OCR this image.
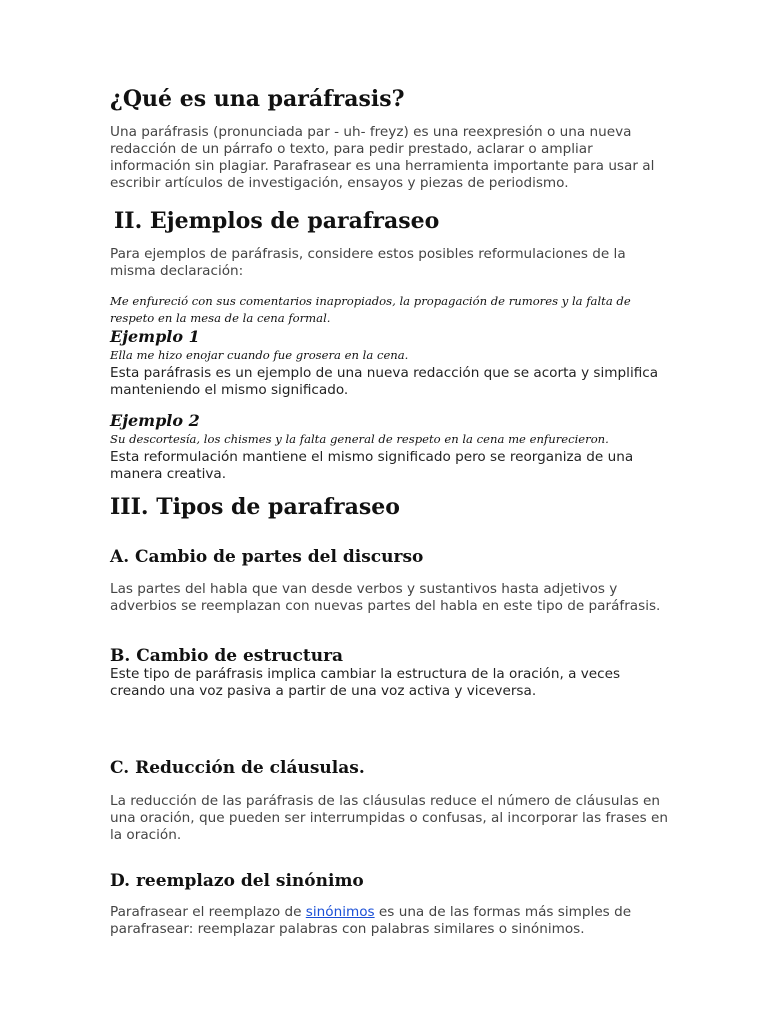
¿Qué es una paráfrasis?

Una paráfrasis (pronunciada par - uh- freyz) es una reexpresión o una nueva redacción de un párrafo o texto, para pedir prestado, aclarar o ampliar información sin plagiar. Parafrasear es una herramienta importante para usar al escribir artículos de investigación, ensayos y piezas de periodismo.

II. Ejemplos de parafraseo

Para ejemplos de paráfrasis, considere estos posibles reformulaciones de la misma declaración:

Me enfureció con sus comentarios inapropiados, la propagación de rumores y la falta de respeto en la mesa de la cena formal.

Ejemplo 1

Ella me hizo enojar cuando fue grosera en la cena.

Esta paráfrasis es un ejemplo de una nueva redacción que se acorta y simplifica manteniendo el mismo significado.

Ejemplo 2

Su descortesía, los chismes y la falta general de respeto en la cena me enfurecieron.

Esta reformulación mantiene el mismo significado pero se reorganiza de una manera creativa.

III. Tipos de parafraseo
A. Cambio de partes del discurso

Las partes del habla que van desde verbos y sustantivos hasta adjetivos y adverbios se reemplazan con nuevas partes del habla en este tipo de paráfrasis.

B. Cambio de estructura

Este tipo de paráfrasis implica cambiar la estructura de la oración, a veces creando una voz pasiva a partir de una voz activa y viceversa.

C. Reducción de cláusulas.

La reducción de las paráfrasis de las cláusulas reduce el número de cláusulas en una oración, que pueden ser interrumpidas o confusas, al incorporar las frases en la oración.

D. reemplazo del sinónimo

Parafrasear el reemplazo de sinónimos es una de las formas más simples de parafrasear: reemplazar palabras con palabras similares o sinónimos.
